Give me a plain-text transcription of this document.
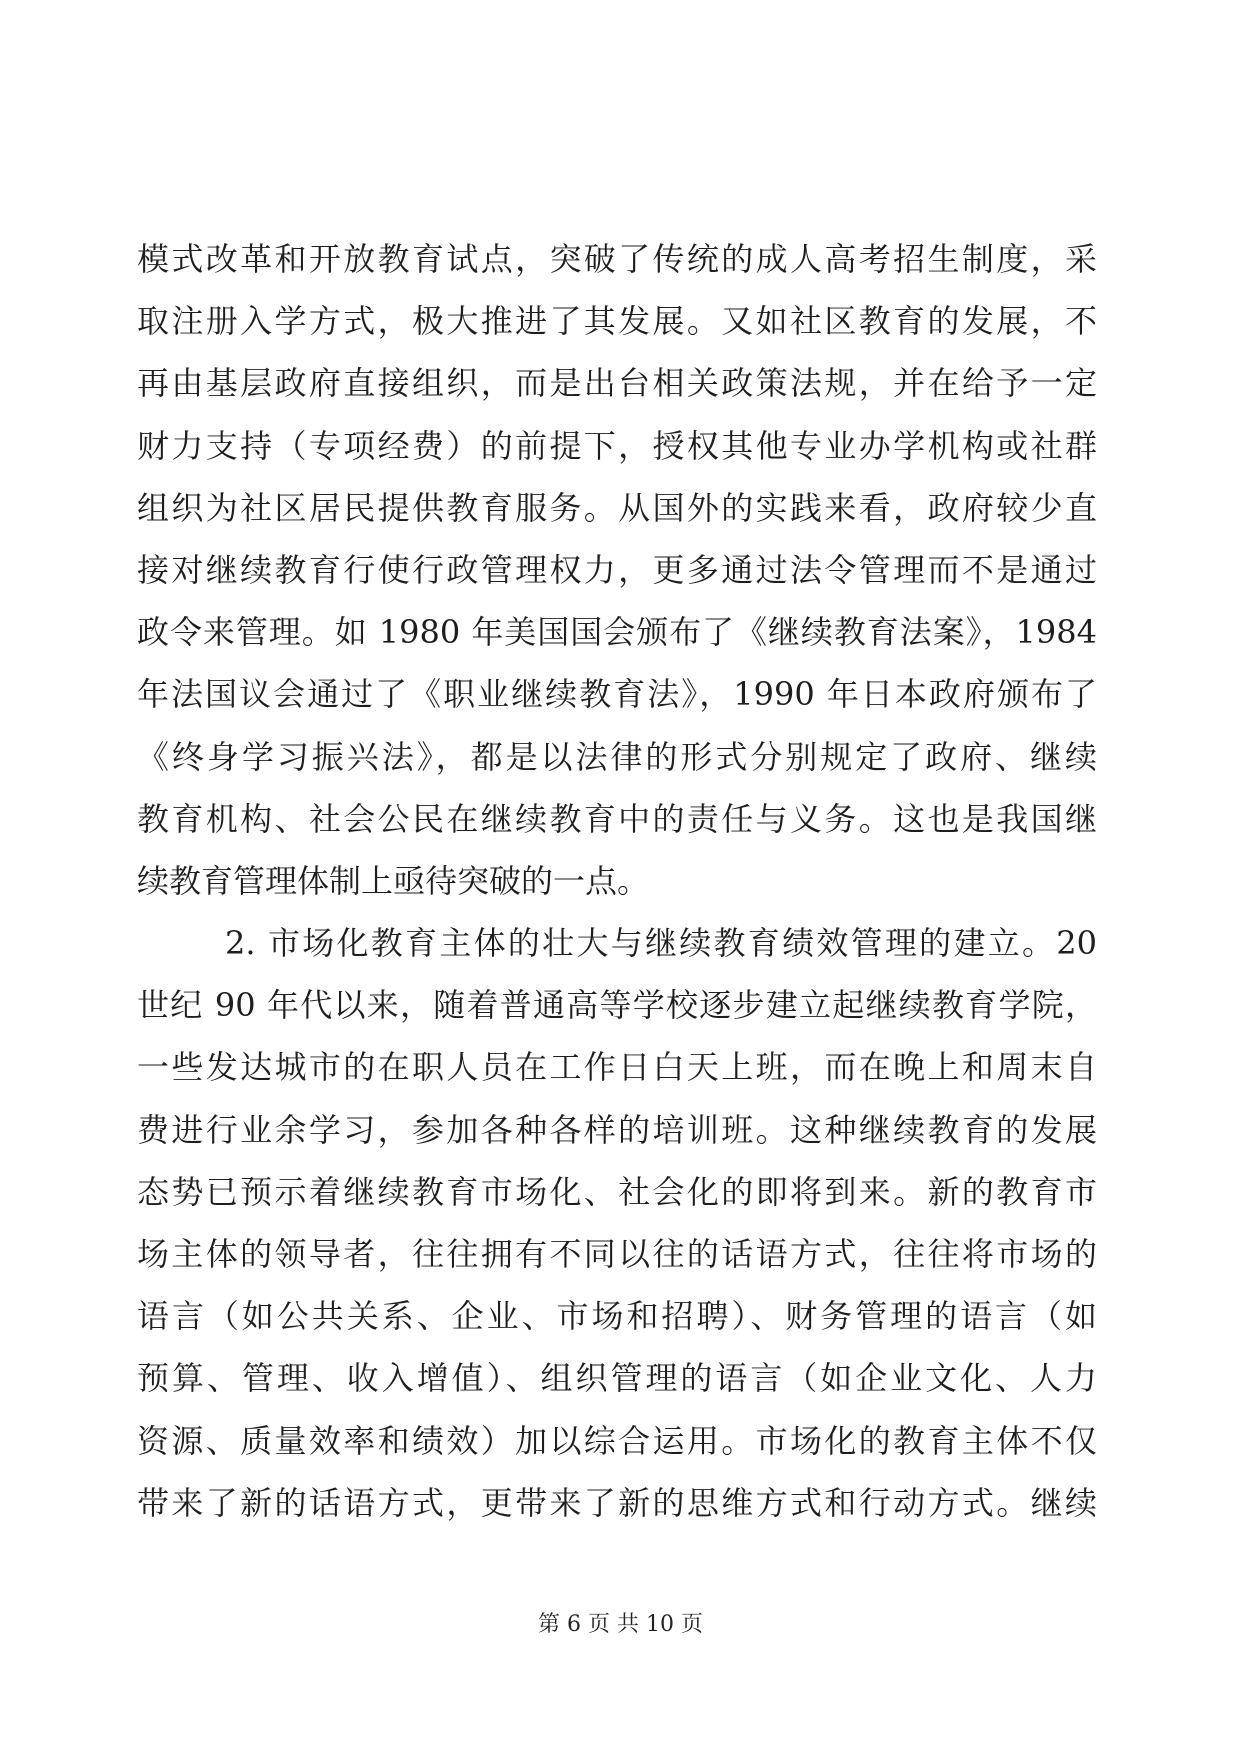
模式改革和开放教育试点，突破了传统的成人高考招生制度，采
取注册入学方式，极大推进了其发展。又如社区教育的发展，不
再由基层政府直接组织，而是出台相关政策法规，并在给予一定
财力支持（专项经费）的前提下，授权其他专业办学机构或社群
组织为社区居民提供教育服务。从国外的实践来看，政府较少直
接对继续教育行使行政管理权力，更多通过法令管理而不是通过
政令来管理。如 1980 年美国国会颁布了《继续教育法案》，1984
年法国议会通过了《职业继续教育法》，1990 年日本政府颁布了
《终身学习振兴法》，都是以法律的形式分别规定了政府、继续
教育机构、社会公民在继续教育中的责任与义务。这也是我国继
续教育管理体制上亟待突破的一点。
2. 市场化教育主体的壮大与继续教育绩效管理的建立。20
世纪 90 年代以来，随着普通高等学校逐步建立起继续教育学院，
一些发达城市的在职人员在工作日白天上班，而在晚上和周末自
费进行业余学习，参加各种各样的培训班。这种继续教育的发展
态势已预示着继续教育市场化、社会化的即将到来。新的教育市
场主体的领导者，往往拥有不同以往的话语方式，往往将市场的
语言（如公共关系、企业、市场和招聘）、财务管理的语言（如
预算、管理、收入增值）、组织管理的语言（如企业文化、人力
资源、质量效率和绩效）加以综合运用。市场化的教育主体不仅
带来了新的话语方式，更带来了新的思维方式和行动方式。继续
第 6 页 共 10 页
